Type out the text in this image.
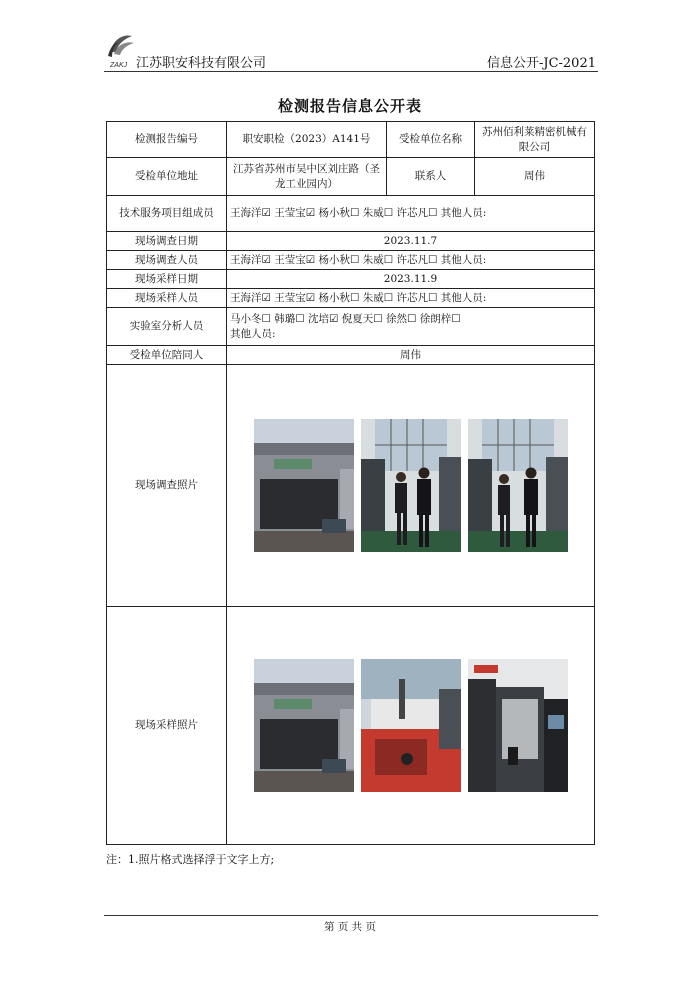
ZAKJ 江苏职安科技有限公司	信息公开-JC-2021
检测报告信息公开表
检测报告编号	职安职检（2023）A141号	受检单位名称	苏州佰利莱精密机械有限公司
受检单位地址	江苏省苏州市吴中区刘庄路（圣龙工业园内）	联系人	周伟
技术服务项目组成员	王海洋☑ 王莹宝☑ 杨小秋☐ 朱威☐ 许芯凡☐ 其他人员:		
现场调查日期	2023.11.7		
现场调查人员	王海洋☑ 王莹宝☑ 杨小秋☐ 朱威☐ 许芯凡☐ 其他人员:		
现场采样日期	2023.11.9		
现场采样人员	王海洋☑ 王莹宝☑ 杨小秋☐ 朱威☐ 许芯凡☐ 其他人员:		
实验室分析人员	马小冬☐ 韩璐☐ 沈培☑ 倪夏天☐ 徐然☐ 徐朗梓☐
其他人员:		

受检单位陪同人	周伟		
现场调查照片	

现场采样照片	
注：1.照片格式选择浮于文字上方;
第 页 共 页
